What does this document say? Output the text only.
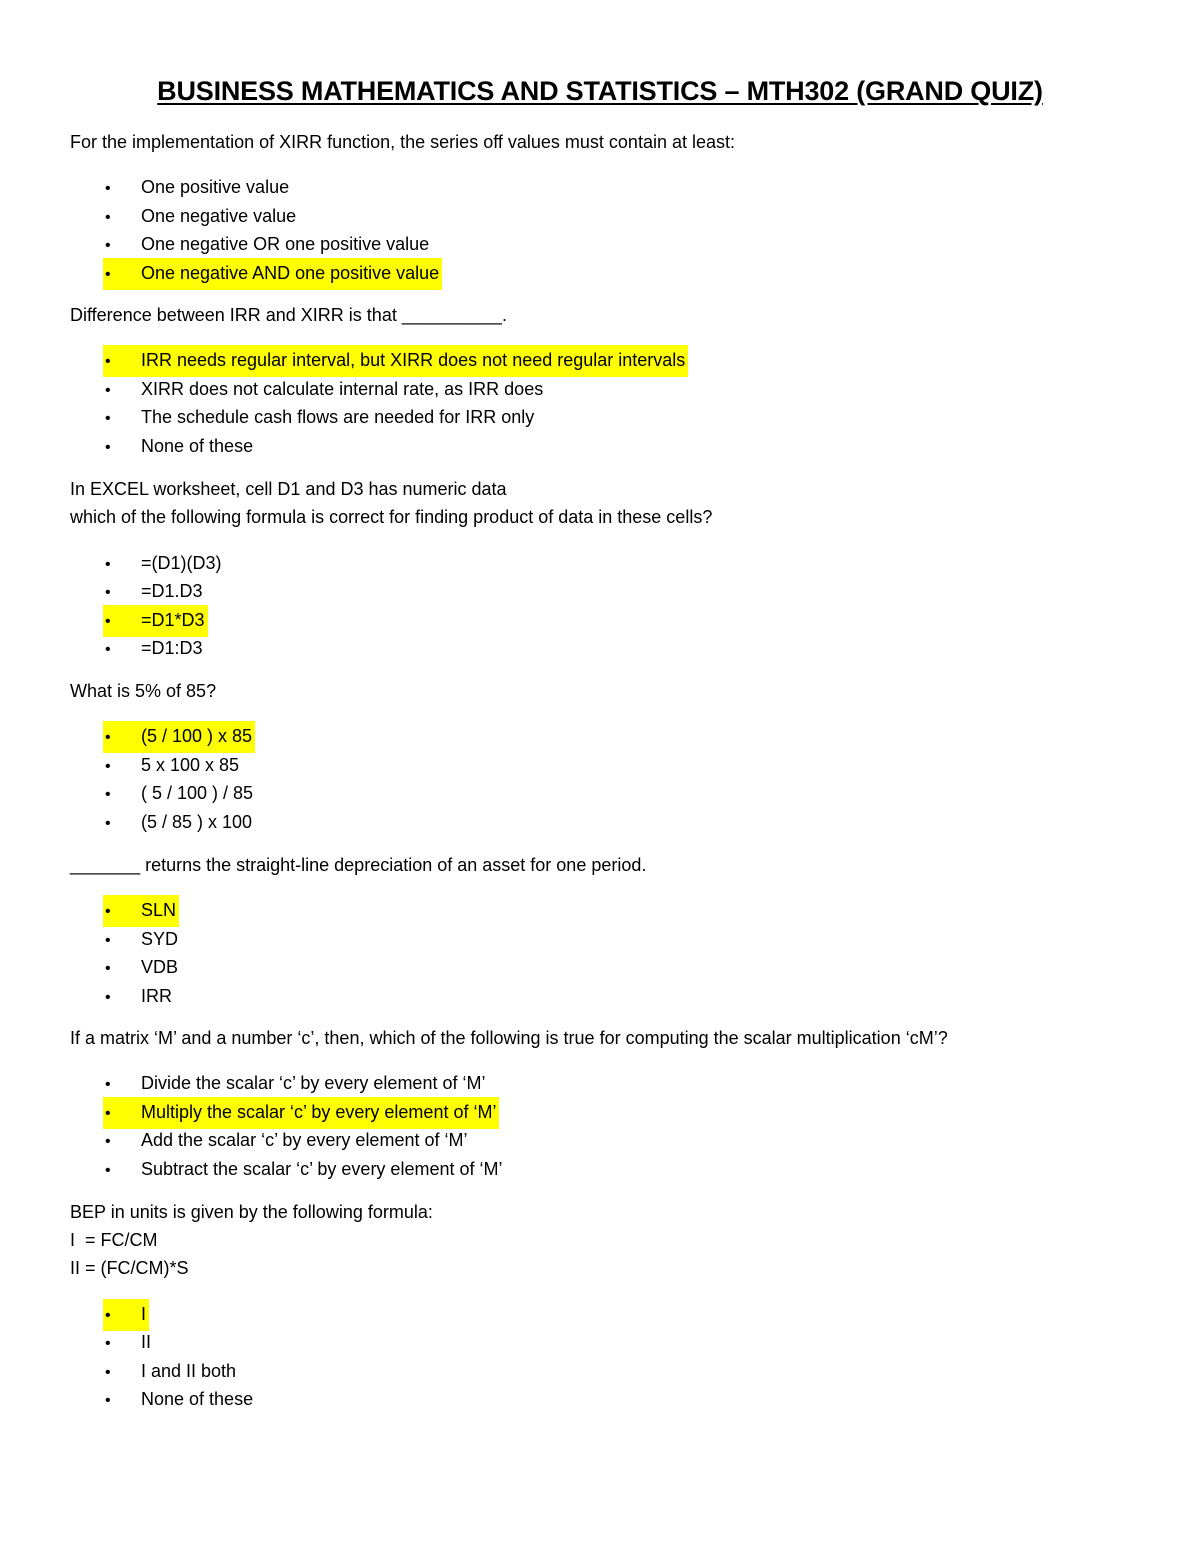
BUSINESS MATHEMATICS AND STATISTICS – MTH302 (GRAND QUIZ)
For the implementation of XIRR function, the series off values must contain at least:
• One positive value
• One negative value
• One negative OR one positive value
• One negative AND one positive value
Difference between IRR and XIRR is that __________.
• IRR needs regular interval, but XIRR does not need regular intervals
• XIRR does not calculate internal rate, as IRR does
• The schedule cash flows are needed for IRR only
• None of these
In EXCEL worksheet, cell D1 and D3 has numeric data
which of the following formula is correct for finding product of data in these cells?
• =(D1)(D3)
• =D1.D3
• =D1*D3
• =D1:D3
What is 5% of 85?
• (5 / 100 ) x 85
• 5 x 100 x 85
• ( 5 / 100 ) / 85
• (5 / 85 ) x 100
_______ returns the straight-line depreciation of an asset for one period.
• SLN
• SYD
• VDB
• IRR
If a matrix ‘M’ and a number ‘c’, then, which of the following is true for computing the scalar multiplication ‘cM’?
• Divide the scalar ‘c’ by every element of ‘M’
• Multiply the scalar ‘c’ by every element of ‘M’
• Add the scalar ‘c’ by every element of ‘M’
• Subtract the scalar ‘c’ by every element of ‘M’
BEP in units is given by the following formula:
I  = FC/CM
II = (FC/CM)*S
• I
• II
• I and II both
• None of these
